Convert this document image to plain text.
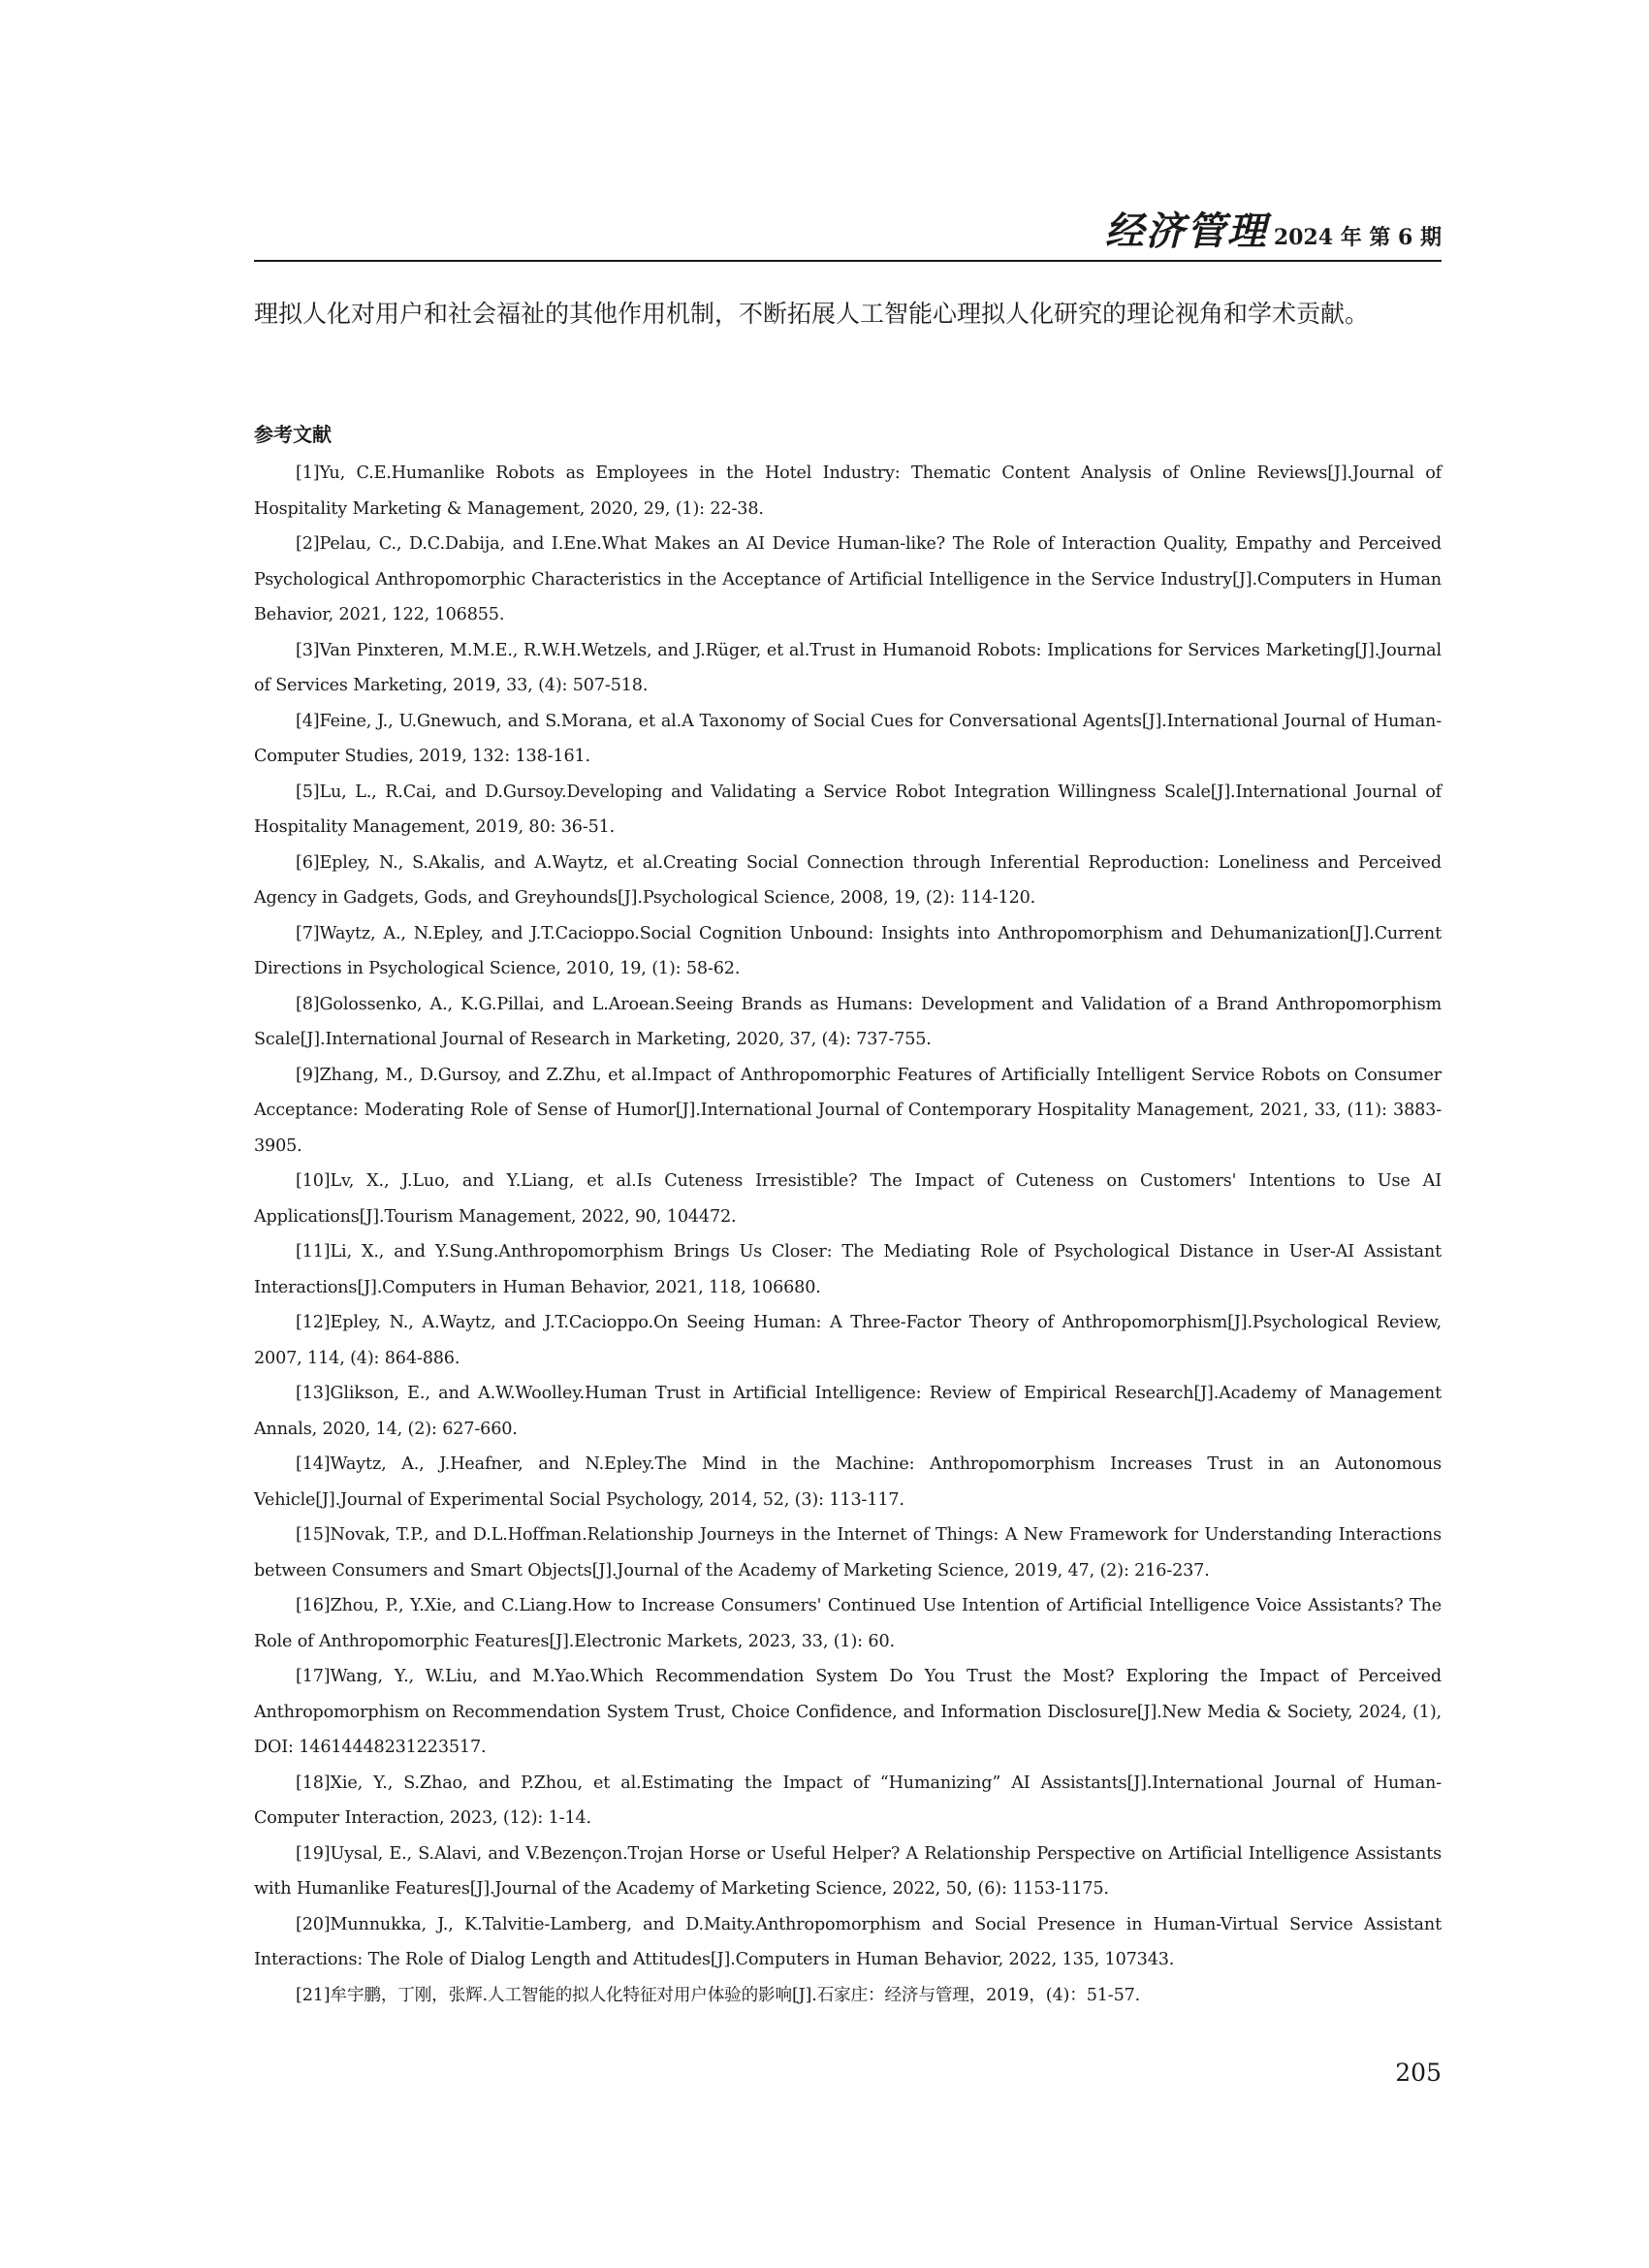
经济管理 2024 年 第 6 期

理拟人化对用户和社会福祉的其他作用机制，不断拓展人工智能心理拟人化研究的理论视角和学术贡献。

参考文献
[1]Yu, C.E.Humanlike Robots as Employees in the Hotel Industry: Thematic Content Analysis of Online Reviews[J].Journal of Hospitality Marketing & Management, 2020, 29, (1): 22-38.
[2]Pelau, C., D.C.Dabija, and I.Ene.What Makes an AI Device Human-like? The Role of Interaction Quality, Empathy and Perceived Psychological Anthropomorphic Characteristics in the Acceptance of Artificial Intelligence in the Service Industry[J].Computers in Human Behavior, 2021, 122, 106855.
[3]Van Pinxteren, M.M.E., R.W.H.Wetzels, and J.Rüger, et al.Trust in Humanoid Robots: Implications for Services Marketing[J].Journal of Services Marketing, 2019, 33, (4): 507-518.
[4]Feine, J., U.Gnewuch, and S.Morana, et al.A Taxonomy of Social Cues for Conversational Agents[J].International Journal of Human-Computer Studies, 2019, 132: 138-161.
[5]Lu, L., R.Cai, and D.Gursoy.Developing and Validating a Service Robot Integration Willingness Scale[J].International Journal of Hospitality Management, 2019, 80: 36-51.
[6]Epley, N., S.Akalis, and A.Waytz, et al.Creating Social Connection through Inferential Reproduction: Loneliness and Perceived Agency in Gadgets, Gods, and Greyhounds[J].Psychological Science, 2008, 19, (2): 114-120.
[7]Waytz, A., N.Epley, and J.T.Cacioppo.Social Cognition Unbound: Insights into Anthropomorphism and Dehumanization[J].Current Directions in Psychological Science, 2010, 19, (1): 58-62.
[8]Golossenko, A., K.G.Pillai, and L.Aroean.Seeing Brands as Humans: Development and Validation of a Brand Anthropomorphism Scale[J].International Journal of Research in Marketing, 2020, 37, (4): 737-755.
[9]Zhang, M., D.Gursoy, and Z.Zhu, et al.Impact of Anthropomorphic Features of Artificially Intelligent Service Robots on Consumer Acceptance: Moderating Role of Sense of Humor[J].International Journal of Contemporary Hospitality Management, 2021, 33, (11): 3883-3905.
[10]Lv, X., J.Luo, and Y.Liang, et al.Is Cuteness Irresistible? The Impact of Cuteness on Customers' Intentions to Use AI Applications[J].Tourism Management, 2022, 90, 104472.
[11]Li, X., and Y.Sung.Anthropomorphism Brings Us Closer: The Mediating Role of Psychological Distance in User-AI Assistant Interactions[J].Computers in Human Behavior, 2021, 118, 106680.
[12]Epley, N., A.Waytz, and J.T.Cacioppo.On Seeing Human: A Three-Factor Theory of Anthropomorphism[J].Psychological Review, 2007, 114, (4): 864-886.
[13]Glikson, E., and A.W.Woolley.Human Trust in Artificial Intelligence: Review of Empirical Research[J].Academy of Management Annals, 2020, 14, (2): 627-660.
[14]Waytz, A., J.Heafner, and N.Epley.The Mind in the Machine: Anthropomorphism Increases Trust in an Autonomous Vehicle[J].Journal of Experimental Social Psychology, 2014, 52, (3): 113-117.
[15]Novak, T.P., and D.L.Hoffman.Relationship Journeys in the Internet of Things: A New Framework for Understanding Interactions between Consumers and Smart Objects[J].Journal of the Academy of Marketing Science, 2019, 47, (2): 216-237.
[16]Zhou, P., Y.Xie, and C.Liang.How to Increase Consumers' Continued Use Intention of Artificial Intelligence Voice Assistants? The Role of Anthropomorphic Features[J].Electronic Markets, 2023, 33, (1): 60.
[17]Wang, Y., W.Liu, and M.Yao.Which Recommendation System Do You Trust the Most? Exploring the Impact of Perceived Anthropomorphism on Recommendation System Trust, Choice Confidence, and Information Disclosure[J].New Media & Society, 2024, (1), DOI: 14614448231223517.
[18]Xie, Y., S.Zhao, and P.Zhou, et al.Estimating the Impact of “Humanizing” AI Assistants[J].International Journal of Human-Computer Interaction, 2023, (12): 1-14.
[19]Uysal, E., S.Alavi, and V.Bezençon.Trojan Horse or Useful Helper? A Relationship Perspective on Artificial Intelligence Assistants with Humanlike Features[J].Journal of the Academy of Marketing Science, 2022, 50, (6): 1153-1175.
[20]Munnukka, J., K.Talvitie-Lamberg, and D.Maity.Anthropomorphism and Social Presence in Human-Virtual Service Assistant Interactions: The Role of Dialog Length and Attitudes[J].Computers in Human Behavior, 2022, 135, 107343.
[21]牟宇鹏，丁刚，张辉.人工智能的拟人化特征对用户体验的影响[J].石家庄：经济与管理，2019，(4)：51-57.
205
